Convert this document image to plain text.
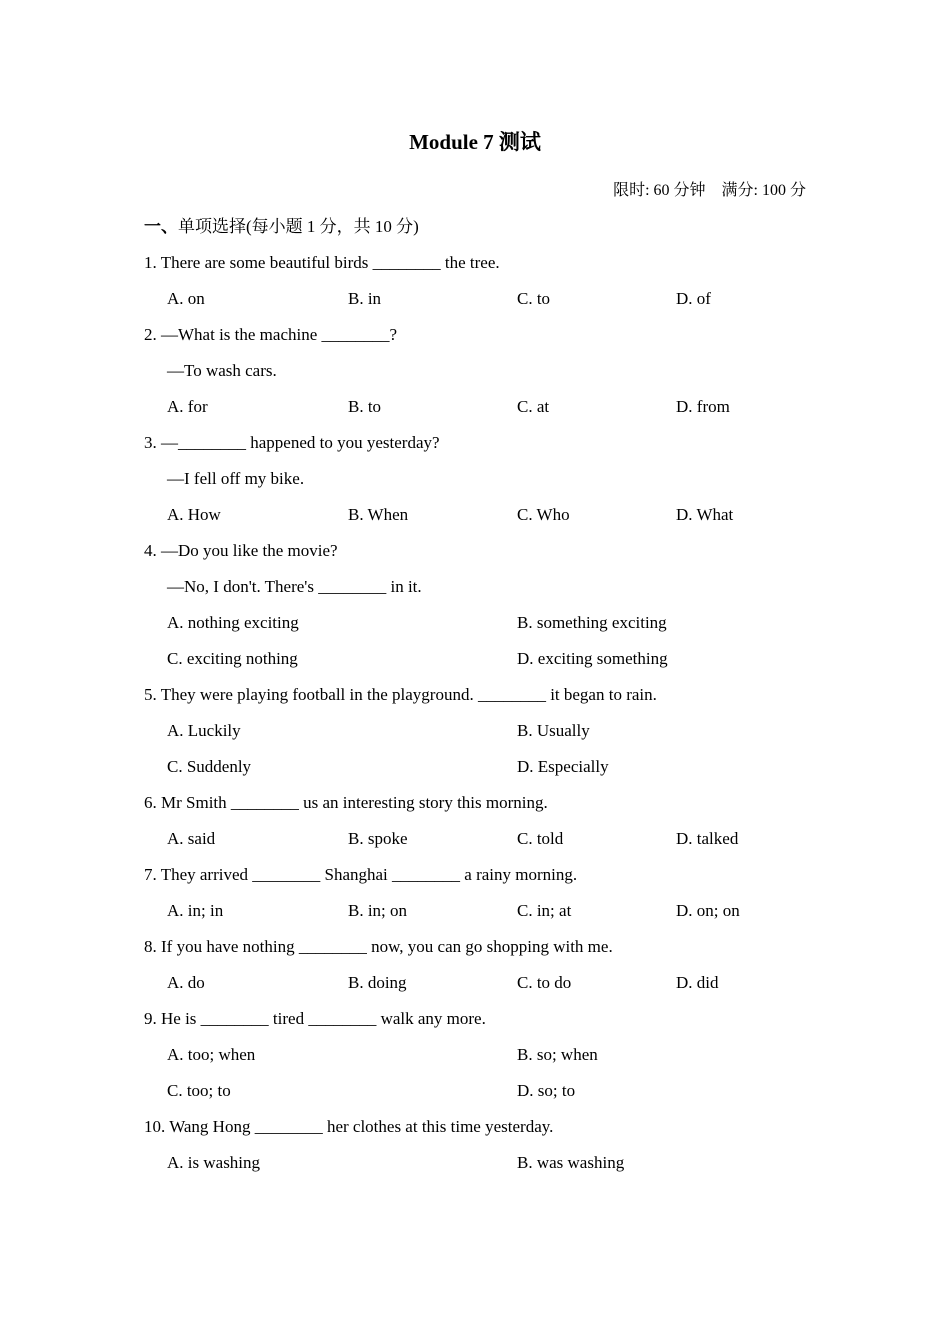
Module 7 测试
限时: 60 分钟    满分: 100 分
一、单项选择(每小题 1 分，共 10 分)
1. There are some beautiful birds ________ the tree.
A. on	B. in	C. to	D. of
2. —What is the machine ________?
—To wash cars.
A. for	B. to	C. at	D. from
3. —________ happened to you yesterday?
—I fell off my bike.
A. How	B. When	C. Who	D. What
4. —Do you like the movie?
—No, I don't. There's ________ in it.
A. nothing exciting	B. something exciting
C. exciting nothing	D. exciting something
5. They were playing football in the playground. ________ it began to rain.
A. Luckily	B. Usually
C. Suddenly	D. Especially
6. Mr Smith ________ us an interesting story this morning.
A. said	B. spoke	C. told	D. talked
7. They arrived ________ Shanghai ________ a rainy morning.
A. in; in	B. in; on	C. in; at	D. on; on
8. If you have nothing ________ now, you can go shopping with me.
A. do	B. doing	C. to do	D. did
9. He is ________ tired ________ walk any more.
A. too; when	B. so; when
C. too; to	D. so; to
10. Wang Hong ________ her clothes at this time yesterday.
A. is washing	B. was washing
